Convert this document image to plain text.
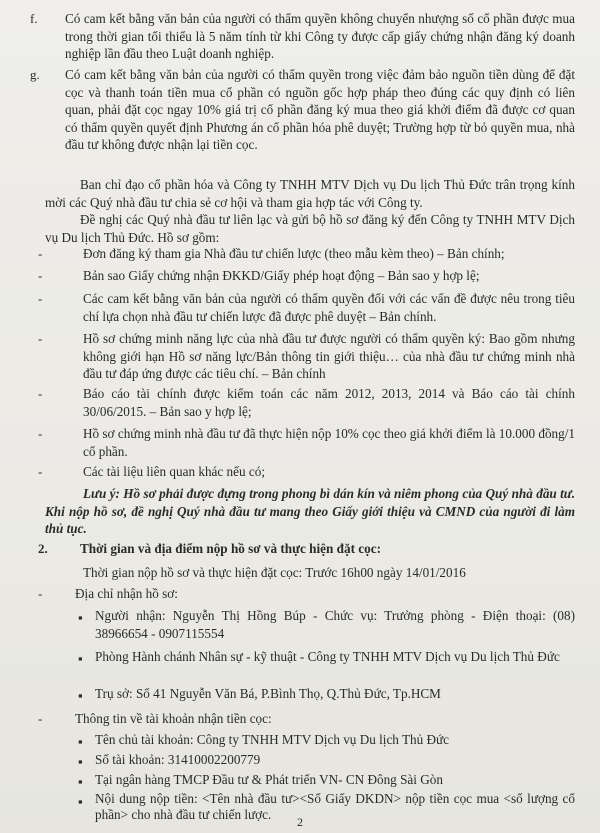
f. Có cam kết bằng văn bản của người có thẩm quyền không chuyển nhượng số cổ phần được mua trong thời gian tối thiểu là 5 năm tính từ khi Công ty được cấp giấy chứng nhận đăng ký doanh nghiệp lần đầu theo Luật doanh nghiệp.

g. Có cam kết bằng văn bản của người có thẩm quyền trong việc đảm bảo nguồn tiền dùng để đặt cọc và thanh toán tiền mua cổ phần có nguồn gốc hợp pháp theo đúng các quy định có liên quan, phải đặt cọc ngay 10% giá trị cổ phần đăng ký mua theo giá khởi điểm đã được cơ quan có thẩm quyền quyết định Phương án cổ phần hóa phê duyệt; Trường hợp từ bỏ quyền mua, nhà đầu tư không được nhận lại tiền cọc.

Ban chỉ đạo cổ phần hóa và Công ty TNHH MTV Dịch vụ Du lịch Thủ Đức trân trọng kính mời các Quý nhà đầu tư chia sẻ cơ hội và tham gia hợp tác với Công ty.

Đề nghị các Quý nhà đầu tư liên lạc và gửi bộ hồ sơ đăng ký đến Công ty TNHH MTV Dịch vụ Du lịch Thủ Đức. Hồ sơ gồm:

-	Đơn đăng ký tham gia Nhà đầu tư chiến lược (theo mẫu kèm theo) – Bản chính;

-	Bản sao Giấy chứng nhận ĐKKD/Giấy phép hoạt động – Bản sao y hợp lệ;

-	Các cam kết bằng văn bản của người có thẩm quyền đối với các vấn đề được nêu trong tiêu chí lựa chọn nhà đầu tư chiến lược đã được phê duyệt – Bản chính.

-	Hồ sơ chứng minh năng lực của nhà đầu tư được người có thẩm quyền ký: Bao gồm nhưng không giới hạn Hồ sơ năng lực/Bản thông tin giới thiệu… của nhà đầu tư chứng minh nhà đầu tư đáp ứng được các tiêu chí. – Bản chính

-	Báo cáo tài chính được kiểm toán các năm 2012, 2013, 2014 và Báo cáo tài chính 30/06/2015. – Bản sao y hợp lệ;

-	Hồ sơ chứng minh nhà đầu tư đã thực hiện nộp 10% cọc theo giá khởi điểm là 10.000 đồng/1 cổ phần.

-	Các tài liệu liên quan khác nếu có;

Lưu ý: Hồ sơ phải được đựng trong phong bì dán kín và niêm phong của Quý nhà đầu tư. Khi nộp hồ sơ, đề nghị Quý nhà đầu tư mang theo Giấy giới thiệu và CMND của người đi làm thủ tục.

2. Thời gian và địa điểm nộp hồ sơ và thực hiện đặt cọc:
Thời gian nộp hồ sơ và thực hiện đặt cọc: Trước 16h00 ngày 14/01/2016
- Địa chỉ nhận hồ sơ:
▪ Người nhận: Nguyễn Thị Hồng Búp - Chức vụ: Trưởng phòng - Điện thoại: (08) 38966654 - 0907115554

▪ Phòng Hành chánh Nhân sự - kỹ thuật - Công ty TNHH MTV Dịch vụ Du lịch Thủ Đức

▪ Trụ sở: Số 41 Nguyễn Văn Bá, P.Bình Thọ, Q.Thủ Đức, Tp.HCM

- Thông tin về tài khoản nhận tiền cọc:
▪ Tên chủ tài khoản: Công ty TNHH MTV Dịch vụ Du lịch Thủ Đức

▪ Số tài khoản: 31410002200779

▪ Tại ngân hàng TMCP Đầu tư & Phát triển VN- CN Đông Sài Gòn

▪ Nội dung nộp tiền: <Tên nhà đầu tư><Số Giấy DKDN> nộp tiền cọc mua <số lượng cổ phần> cho nhà đầu tư chiến lược.	2
